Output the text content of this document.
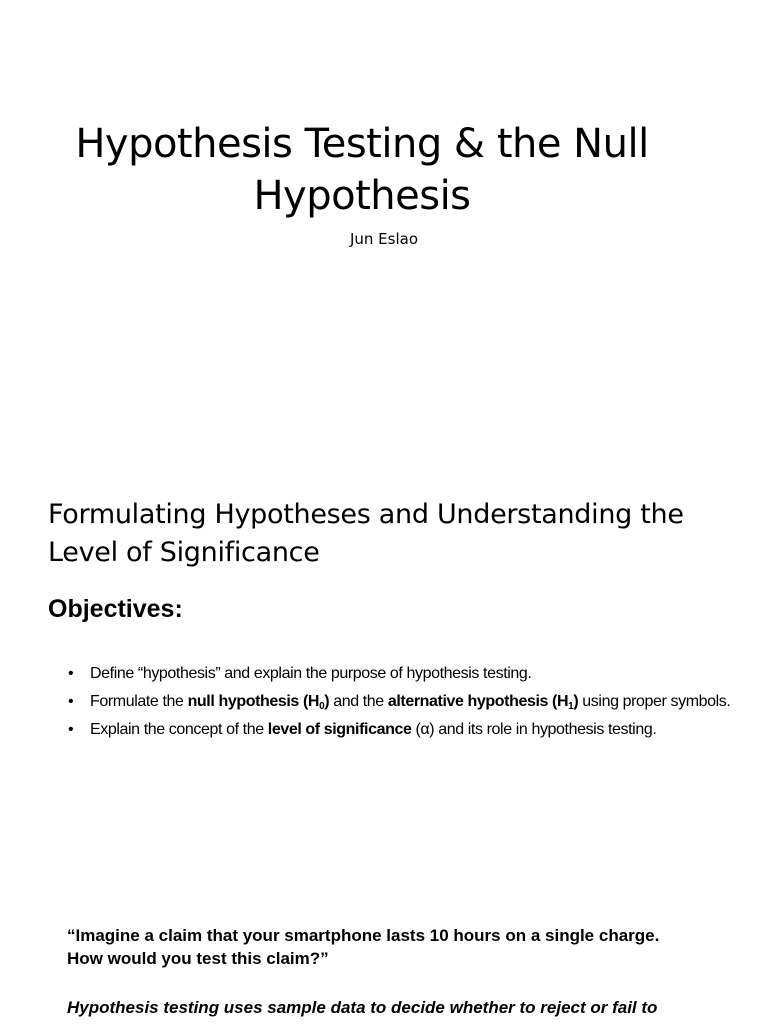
Hypothesis Testing & the Null

Hypothesis

Jun Eslao
Formulating Hypotheses and Understanding the
Level of Significance
Objectives:
• Define “hypothesis” and explain the purpose of hypothesis testing.
• Formulate the null hypothesis $(H_0)$ and the alternative hypothesis $(H_1)$ using proper symbols.
• Explain the concept of the level of significance (α) and its role in hypothesis testing.

“Imagine a claim that your smartphone lasts 10 hours on a single charge.
How would you test this claim?”

Hypothesis testing uses sample data to decide whether to reject or fail to
